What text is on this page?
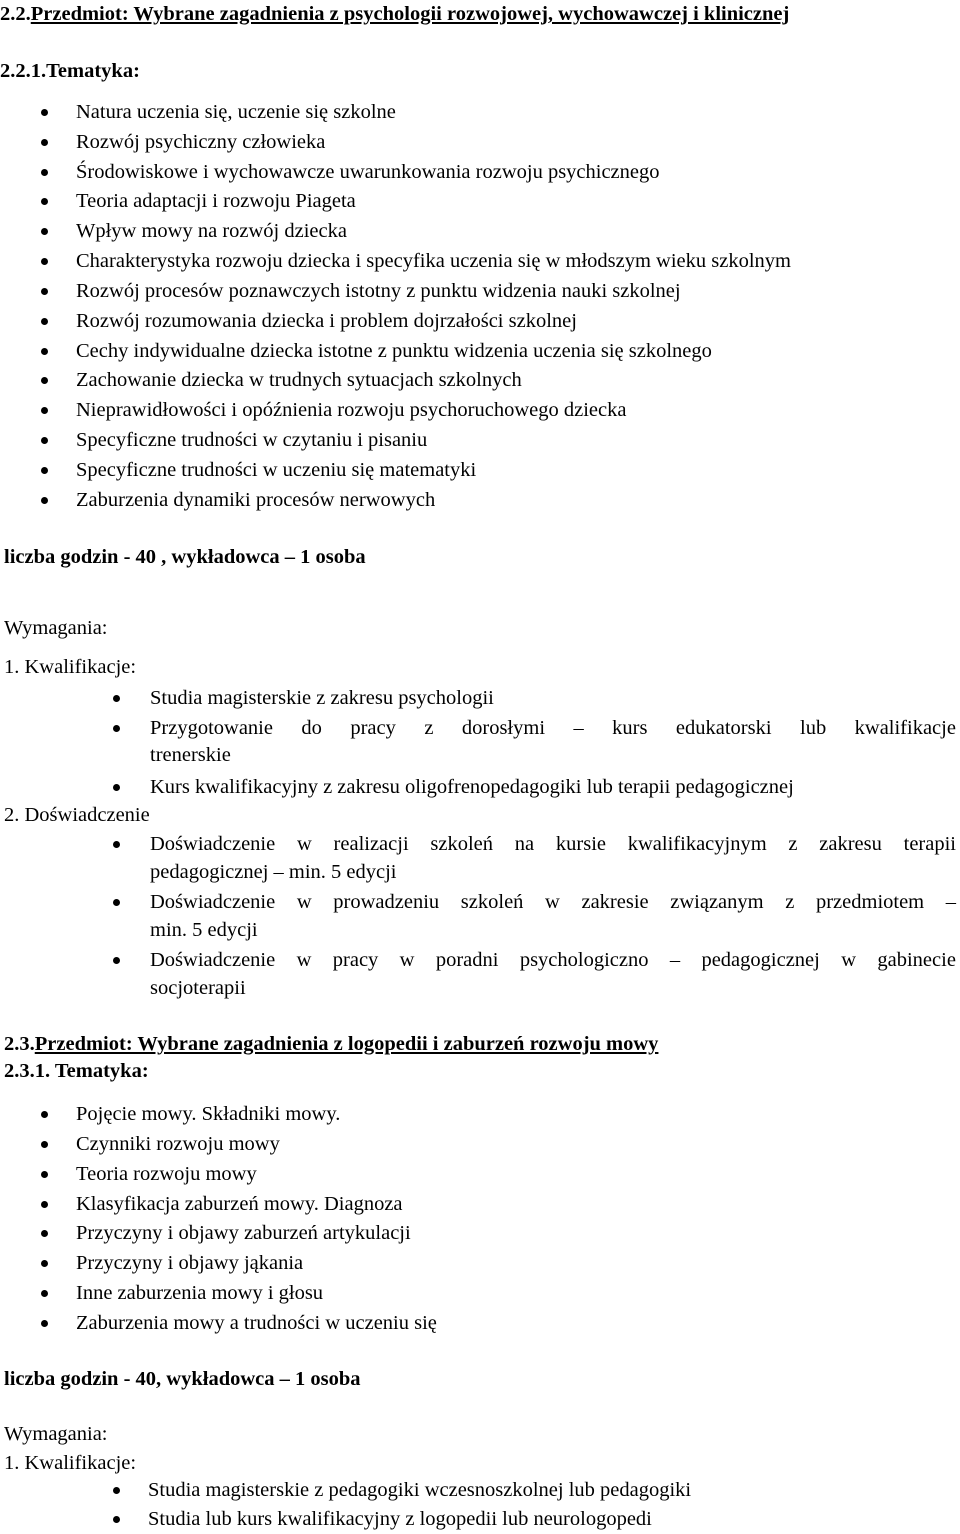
2.2.Przedmiot: Wybrane zagadnienia z psychologii rozwojowej, wychowawczej i klinicznej
2.2.1.Tematyka:
Natura uczenia się, uczenie się szkolne
Rozwój psychiczny człowieka
Środowiskowe i wychowawcze uwarunkowania rozwoju psychicznego
Teoria adaptacji i rozwoju Piageta
Wpływ mowy na rozwój dziecka
Charakterystyka rozwoju dziecka i specyfika uczenia się w młodszym wieku szkolnym
Rozwój procesów poznawczych istotny z punktu widzenia nauki szkolnej
Rozwój rozumowania dziecka i problem dojrzałości szkolnej
Cechy indywidualne dziecka istotne z punktu widzenia uczenia się szkolnego
Zachowanie dziecka w trudnych sytuacjach szkolnych
Nieprawidłowości i opóźnienia rozwoju psychoruchowego dziecka
Specyficzne trudności w czytaniu i pisaniu
Specyficzne trudności w uczeniu się matematyki
Zaburzenia dynamiki procesów nerwowych
liczba godzin - 40 , wykładowca – 1 osoba
Wymagania:
1. Kwalifikacje:
Studia magisterskie z zakresu psychologii
Przygotowanie do pracy z dorosłymi – kurs edukatorski lub kwalifikacje
trenerskie
Kurs kwalifikacyjny z zakresu oligofrenopedagogiki lub terapii pedagogicznej
2. Doświadczenie
Doświadczenie w realizacji szkoleń na kursie kwalifikacyjnym z zakresu terapii
pedagogicznej – min. 5 edycji
Doświadczenie w prowadzeniu szkoleń w zakresie związanym z przedmiotem –
min. 5 edycji
Doświadczenie w pracy w poradni psychologiczno – pedagogicznej w gabinecie
socjoterapii
2.3.Przedmiot: Wybrane zagadnienia z logopedii i zaburzeń rozwoju mowy
2.3.1. Tematyka:
Pojęcie mowy. Składniki mowy.
Czynniki rozwoju mowy
Teoria rozwoju mowy
Klasyfikacja zaburzeń mowy. Diagnoza
Przyczyny i objawy zaburzeń artykulacji
Przyczyny i objawy jąkania
Inne zaburzenia mowy i głosu
Zaburzenia mowy a trudności w uczeniu się
liczba godzin - 40, wykładowca – 1 osoba
Wymagania:
1. Kwalifikacje:
Studia magisterskie z pedagogiki wczesnoszkolnej lub pedagogiki
Studia lub kurs kwalifikacyjny z logopedii lub neurologopedi
